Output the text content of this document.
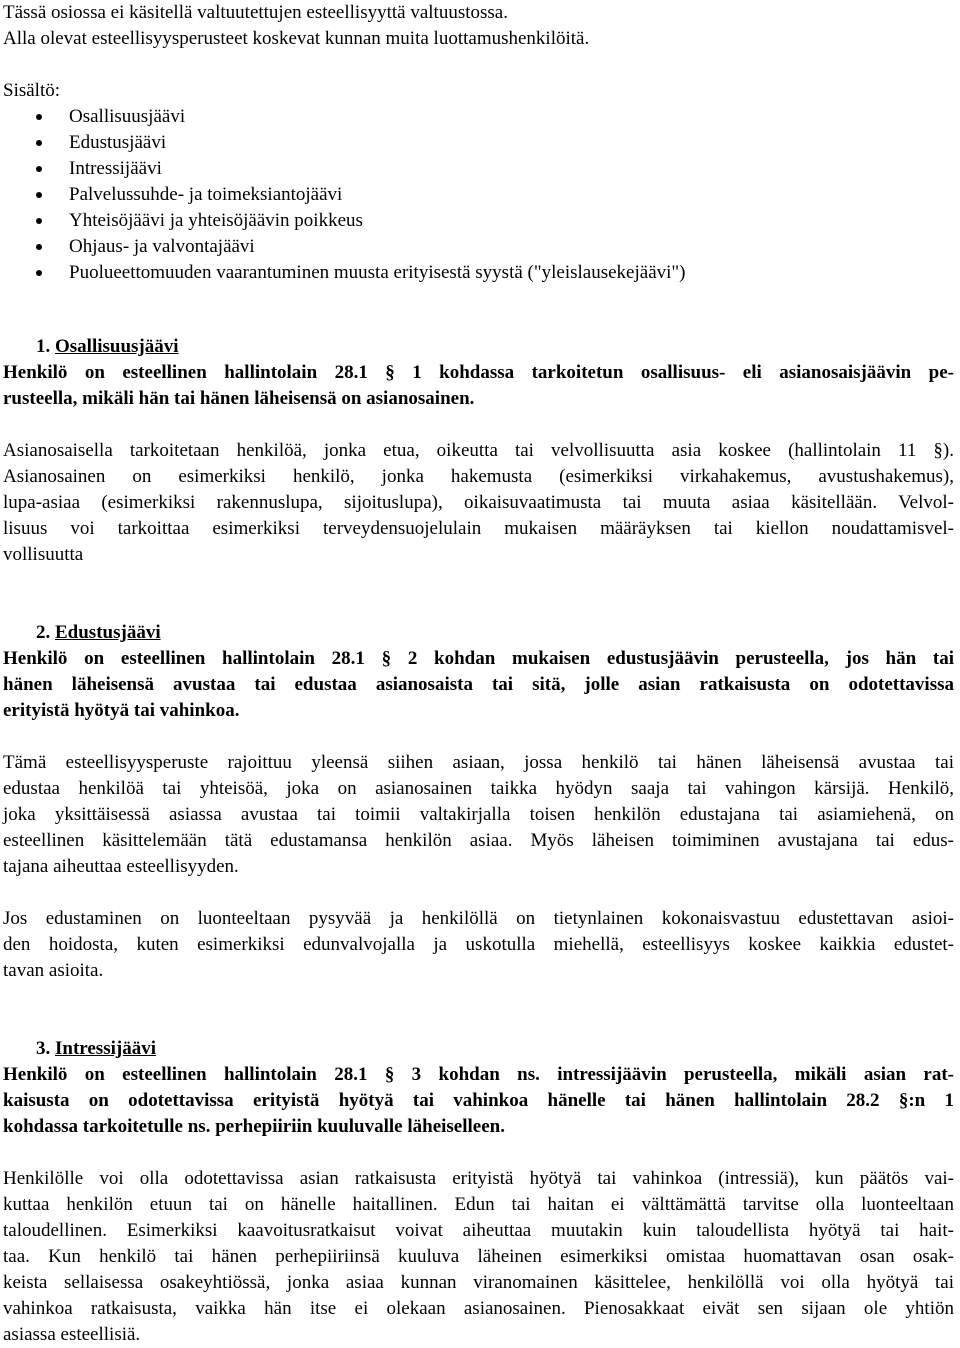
Tässä osiossa ei käsitellä valtuutettujen esteellisyyttä valtuustossa.
Alla olevat esteellisyysperusteet koskevat kunnan muita luottamushenkilöitä.

Sisältö:

Osallisuusjäävi
Edustusjäävi
Intressijäävi
Palvelussuhde- ja toimeksiantojäävi
Yhteisöjäävi ja yhteisöjäävin poikkeus
Ohjaus- ja valvontajäävi
Puolueettomuuden vaarantuminen muusta erityisestä syystä ("yleislausekejäävi")
1. Osallisuusjäävi
Henkilö on esteellinen hallintolain 28.1 § 1 kohdassa tarkoitetun osallisuus- eli asianosaisjäävin pe-
rusteella, mikäli hän tai hänen läheisensä on asianosainen.
Asianosaisella tarkoitetaan henkilöä, jonka etua, oikeutta tai velvollisuutta asia koskee (hallintolain 11 §).
Asianosainen on esimerkiksi henkilö, jonka hakemusta (esimerkiksi virkahakemus, avustushakemus),
lupa-asiaa (esimerkiksi rakennuslupa, sijoituslupa), oikaisuvaatimusta tai muuta asiaa käsitellään. Velvol-
lisuus voi tarkoittaa esimerkiksi terveydensuojelulain mukaisen määräyksen tai kiellon noudattamisvel-
vollisuutta
2. Edustusjäävi
Henkilö on esteellinen hallintolain 28.1 § 2 kohdan mukaisen edustusjäävin perusteella, jos hän tai
hänen läheisensä avustaa tai edustaa asianosaista tai sitä, jolle asian ratkaisusta on odotettavissa
erityistä hyötyä tai vahinkoa.
Tämä esteellisyysperuste rajoittuu yleensä siihen asiaan, jossa henkilö tai hänen läheisensä avustaa tai
edustaa henkilöä tai yhteisöä, joka on asianosainen taikka hyödyn saaja tai vahingon kärsijä. Henkilö,
joka yksittäisessä asiassa avustaa tai toimii valtakirjalla toisen henkilön edustajana tai asiamiehenä, on
esteellinen käsittelemään tätä edustamansa henkilön asiaa. Myös läheisen toimiminen avustajana tai edus-
tajana aiheuttaa esteellisyyden.
Jos edustaminen on luonteeltaan pysyvää ja henkilöllä on tietynlainen kokonaisvastuu edustettavan asioi-
den hoidosta, kuten esimerkiksi edunvalvojalla ja uskotulla miehellä, esteellisyys koskee kaikkia edustet-
tavan asioita.
3. Intressijäävi
Henkilö on esteellinen hallintolain 28.1 § 3 kohdan ns. intressijäävin perusteella, mikäli asian rat-
kaisusta on odotettavissa erityistä hyötyä tai vahinkoa hänelle tai hänen hallintolain 28.2 §:n 1
kohdassa tarkoitetulle ns. perhepiiriin kuuluvalle läheiselleen.
Henkilölle voi olla odotettavissa asian ratkaisusta erityistä hyötyä tai vahinkoa (intressiä), kun päätös vai-
kuttaa henkilön etuun tai on hänelle haitallinen. Edun tai haitan ei välttämättä tarvitse olla luonteeltaan
taloudellinen. Esimerkiksi kaavoitusratkaisut voivat aiheuttaa muutakin kuin taloudellista hyötyä tai hait-
taa. Kun henkilö tai hänen perhepiiriinsä kuuluva läheinen esimerkiksi omistaa huomattavan osan osak-
keista sellaisessa osakeyhtiössä, jonka asiaa kunnan viranomainen käsittelee, henkilöllä voi olla hyötyä tai
vahinkoa ratkaisusta, vaikka hän itse ei olekaan asianosainen. Pienosakkaat eivät sen sijaan ole yhtiön
asiassa esteellisiä.
